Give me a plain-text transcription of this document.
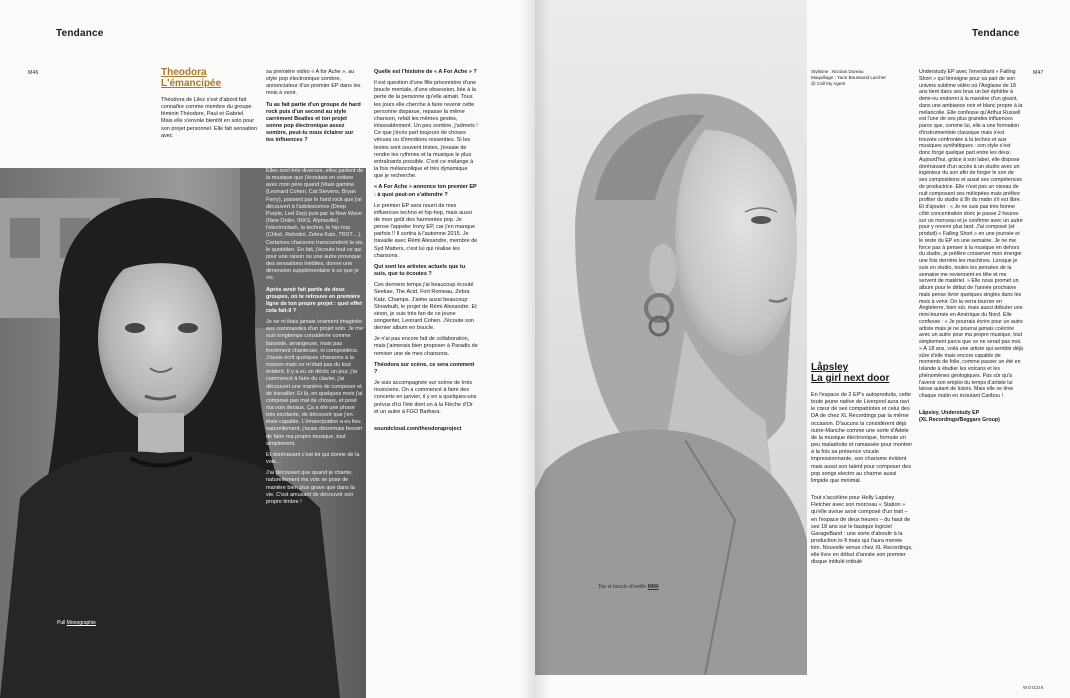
Tendance
M46	Theodora
L'émancipée

Théodora de Lilez s'est d'abord fait connaître comme membre du groupe féminin Théodore, Paul et Gabriel. Mais elle s'envole bientôt en solo pour son projet personnel. Elle fait sensation avec

sa première vidéo « A for Ache », au style pop électronique sombre, annonciateur d'un premier EP dans les mois à venir.

Tu as fait partie d'un groupe de hard rock puis d'un second au style carrément Beatles et ton projet sonne pop électronique assez sombre, peut-tu nous éclairer sur tes influences ?

Elles sont très diverses, elles partent de la musique que j'écoutais en voiture avec mon père quand j'étais gamine (Leonard Cohen, Cat Stevens, Bryan Ferry), passent par le hard rock que j'ai découvert à l'adolescence (Deep Purple, Led Zep) puis par la New Wave (New Order, INXS, Alphaville) l'electroclash, la techno, le hip-hop (Chloé, Rebotini, Zebra Katz, TRST…). Certaines chansons transcendent la vie, le quotidien. En fait, j'écoute tout ce qui pour une raison ou une autre provoque des sensations inédites, donne une dimension supplémentaire à ce que je vis.

Après avoir fait partie de deux groupes, on te retrouve en première ligne de ton propre projet : quel effet cela fait-il ?

Je ne m'étais jamais vraiment imaginée aux commandes d'un projet solo. Je me suis longtemps considérée comme bassiste, arrangeuse, mais pas forcément chanteuse, ni compositrice. J'avais écrit quelques chansons à la maison mais ne m'était pas du tout évident. Il y a eu un déclic un jour, j'ai commencé à faire du clavier, j'ai découvert une manière de composer et de travailler. Et là, en quelques mois j'ai composé pas mal de choses, et posé ma voix dessus. Ça a été une phase très excitante, de découvrir que j'en étais capable. L'émancipation a eu lieu naturellement, j'avais désormais besoin de faire ma propre musique, tout simplement.

Et dorénavant c'est toi qui donne de la voix…

J'ai découvert que quand je chante, naturellement ma voix se pose de manière bien plus grave que dans la vie. C'est amusant de découvrir son propre timbre !

Quelle est l'histoire de « A For Ache » ?

Il est question d'une fille prisonnière d'une boucle mentale, d'une obsession, liée à la perte de la personne qu'elle aimait. Tous les jours elle cherche à faire revenir cette personne disparue, repasse la même chanson, refait les mêmes gestes, inlassablement. Un peu sombre, j'admets ! Ce que j'écris part toujours de choses vécues ou d'émotions ressenties. Si les textes sont souvent tristes, j'essaie de rendre les rythmes et la musique le plus entraînants possible. C'est ce mélange à la fois mélancolique et très dynamique que je recherche.

« A For Ache » annonce ton premier EP : à quoi peut-on s'attendre ?

Le premier EP sera nourri de mes influences techno et hip-hop, mais aussi de mon goût des harmonies pop. Je pense l'appeler Irony EP, car j'en manque parfois !! Il sortira à l'automne 2015. Je travaille avec Rémi Alexandre, membre de Syd Matters, c'est lui qui réalise les chansons.

Qui sont les artistes actuels que tu suis, que tu écoutes ?

Ces derniers temps j'ai beaucoup écouté Seekae, The Acid, Fort Romeau, Zebra Katz, Champs. J'aime aussi beaucoup Showbuilt, le projet de Rémi Alexandre. Et sinon, je suis très fan de ce jeune songwriter, Leonard Cohen. J'écoute son dernier album en boucle.

Je n'ai pas encore fait de collaboration, mais j'aimerais bien proposer à Paradis de remixer une de mes chansons.

Théodora sur scène, ce sera comment ?

Je suis accompagnée sur scène de trois musiciens. On a commencé à faire des concerts en janvier, il y en a quelques-uns prévus d'ici l'été dont un à la Flèche d'Or et un autre à FGO Barbara.

soundcloud.com/theodoraproject

Pull Monographie
Tendance
M47
Top et boucle d'oreille MM6
Stylisme : Nicolas Dureau
Maquillage : Yann Boussand Larcher
@ Call My Agent
Låpsley
La girl next door

En l'espace de 2 EP's autoproduits, cette toute jeune native de Liverpool aura ravi le cœur de ses compatriotes et celui des DA de chez XL Recordings par la même occasion. D'aucuns la considèrent déjà outre-Manche comme une sorte d'Adele de la musique électronique, formule un peu maladroite et ramassée pour montrer à la fois sa présence vocale impressionnante, son charisme évident mais aussi son talent pour composer des pop songs electro au charme aussi limpide que minimal.

Tout s'accélère pour Holly Lapsley Fletcher avec son morceau « Station » qu'elle avoue avoir composé d'un trait – en l'espace de deux heures – du haut de ses 18 ans sur le basique logiciel GarageBand : une sorte d'aboutir à la production lo-fi mais qui l'aura menée loin. Nouvelle venue chez XL Recordings, elle livre en début d'année son premier disque intitulé intitulé

Understudy EP avec l'envoûtant « Falling Short » qui témoigne pour sa part de son univers sublime vidéo où l'Anglaise de 18 ans tient dans ses bras un bel éphèbe à demi-nu endormi à la manière d'un gisant, dans une ambiance noir et blanc propre à la mélancolie. Elle confesse qu'Arthur Russell est l'une de ses plus grandes influences parce que, comme lui, elle a une formation d'instrumentiste classique mais s'est trouvée confrontée à la techno et aux musiques synthétiques : son style s'est donc forgé quelque part entre les deux. Aujourd'hui, grâce à son label, elle dispose dorénavant d'un accès à un studio avec un ingénieur du son afin de forger le son de ses compositions et aussi ses compétences de productrice. Elle n'est pas un oiseau de nuit composant ses mélopées mais préfère profiter du studio à 9h du matin s'il est libre. Et d'ajouter : « Je ne suis pas très bonne côté concentration donc je passe 2 heures sur un morceau et je confirme avec un autre pour y revenir plus tard. J'ai composé (et produit) « Falling Short » en une journée et le reste du EP en une semaine. Je ne me force pas à penser à la musique en dehors du studio, je préfère conserver mon énergie une fois derrière les machines. Lorsque je suis en studio, toutes les pensées de la semaine me reviennent en tête et me servent de matériel. » Elle nous promet un album pour le début de l'année prochaine mais pense livrer quelques singles dans les mois à venir. On la verra tourner en Angleterre, bien sûr, mais aussi débuter une mini-tournée en Amérique du Nord. Elle confesse : « Je pourrais écrire pour un autre artiste mais je ne pourrai jamais coécrire avec un autre pour ma propre musique, tout simplement parce que ce ne serait pas moi. » À 18 ans, voilà une artiste qui semble déjà sûre d'elle mais encore capable de moments de folie, comme passer un été en Islande à étudier les volcans et les phénomènes géologiques. Pas sûr qu'à l'avenir son emploi du temps d'artiste lui laisse autant de loisirs. Mais elle se lève chaque matin en écoutant Caribou !

Låpsley, Understudy EP
(XL Recordings/Beggars Group)

WOOZIK
